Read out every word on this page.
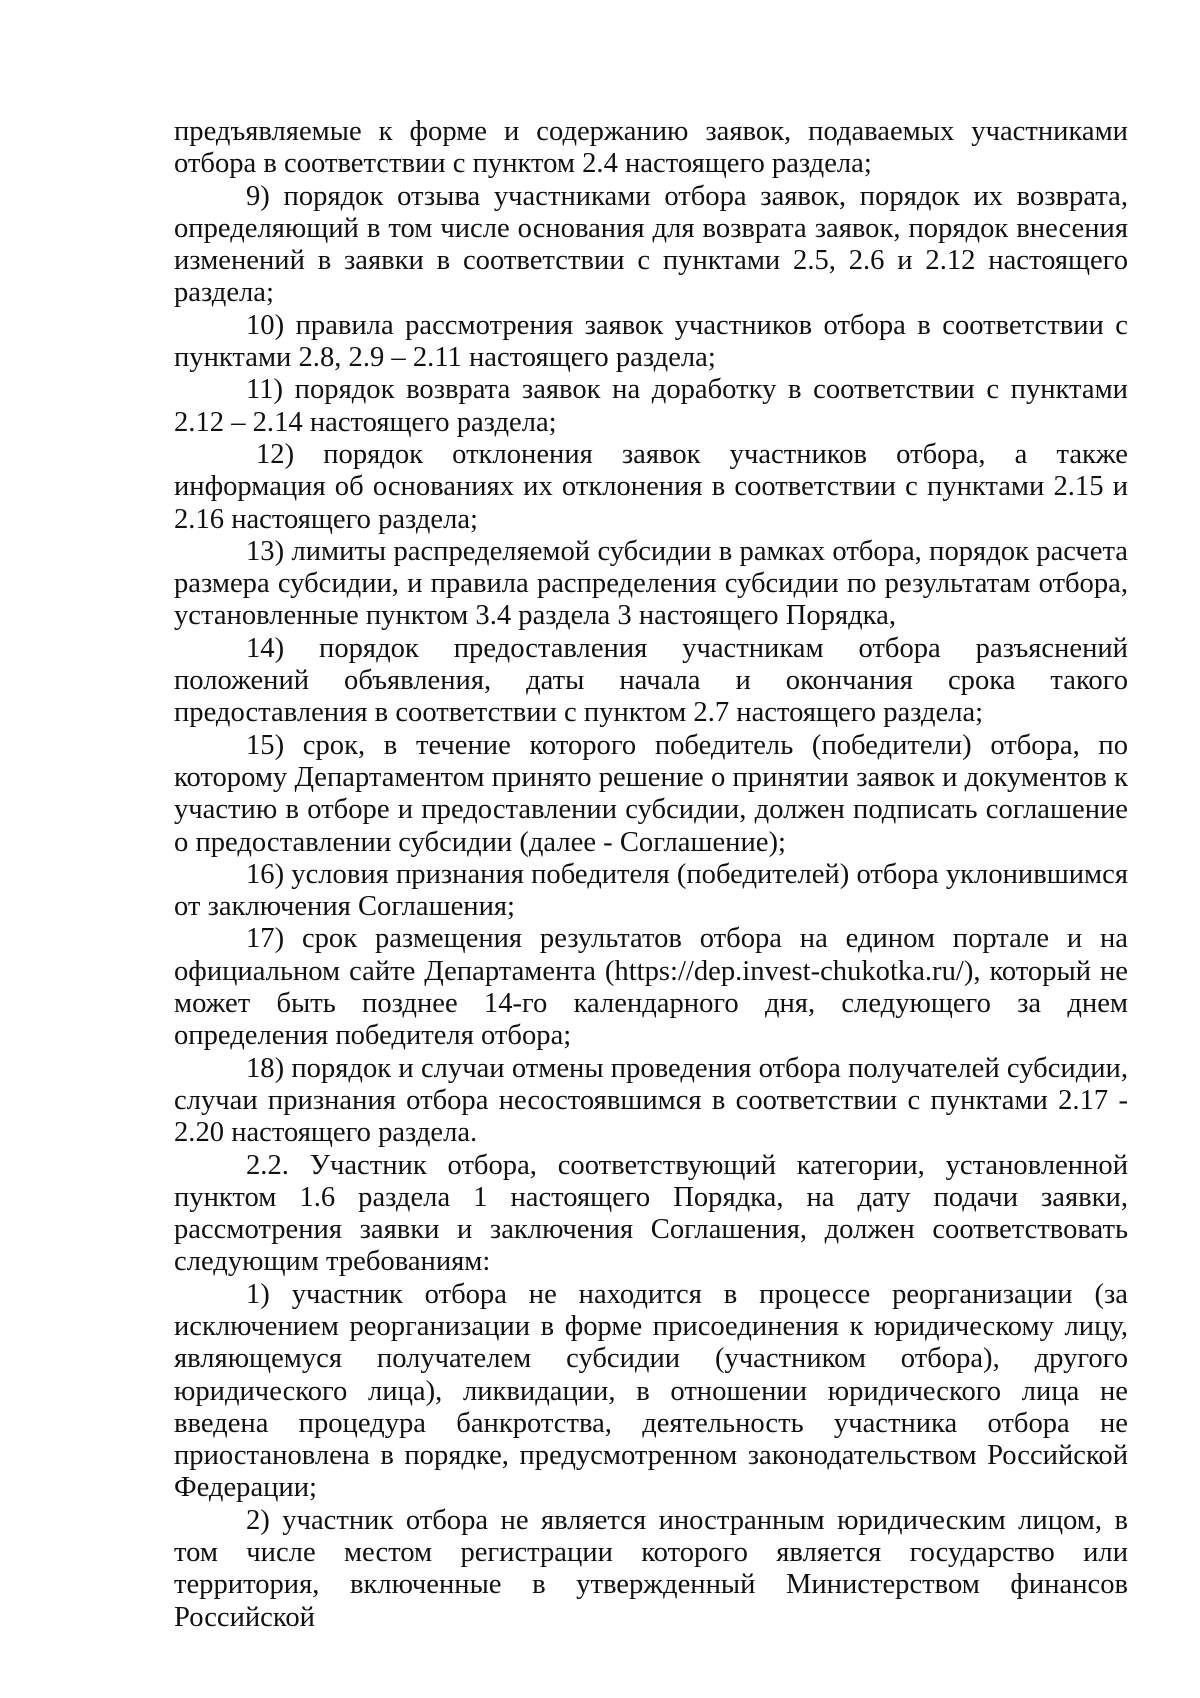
предъявляемые к форме и содержанию заявок, подаваемых участниками отбора в соответствии с пунктом 2.4 настоящего раздела;

9) порядок отзыва участниками отбора заявок, порядок их возврата, определяющий в том числе основания для возврата заявок, порядок внесения изменений в заявки в соответствии с пунктами 2.5, 2.6 и 2.12 настоящего раздела;

10) правила рассмотрения заявок участников отбора в соответствии с пунктами 2.8, 2.9 – 2.11 настоящего раздела;

11) порядок возврата заявок на доработку в соответствии с пунктами 2.12 – 2.14 настоящего раздела;

12) порядок отклонения заявок участников отбора, а также информация об основаниях их отклонения в соответствии с пунктами 2.15 и 2.16 настоящего раздела;

13) лимиты распределяемой субсидии в рамках отбора, порядок расчета размера субсидии, и правила распределения субсидии по результатам отбора, установленные пунктом 3.4 раздела 3 настоящего Порядка,

14) порядок предоставления участникам отбора разъяснений положений объявления, даты начала и окончания срока такого предоставления в соответствии с пунктом 2.7 настоящего раздела;

15) срок, в течение которого победитель (победители) отбора, по которому Департаментом принято решение о принятии заявок и документов к участию в отборе и предоставлении субсидии, должен подписать соглашение о предоставлении субсидии (далее - Соглашение);

16) условия признания победителя (победителей) отбора уклонившимся от заключения Соглашения;

17) срок размещения результатов отбора на едином портале и на официальном сайте Департамента (https://dep.invest-chukotka.ru/), который не может быть позднее 14-го календарного дня, следующего за днем определения победителя отбора;

18) порядок и случаи отмены проведения отбора получателей субсидии, случаи признания отбора несостоявшимся в соответствии с пунктами 2.17 - 2.20 настоящего раздела.

2.2. Участник отбора, соответствующий категории, установленной пунктом 1.6 раздела 1 настоящего Порядка, на дату подачи заявки, рассмотрения заявки и заключения Соглашения, должен соответствовать следующим требованиям:

1) участник отбора не находится в процессе реорганизации (за исключением реорганизации в форме присоединения к юридическому лицу, являющемуся получателем субсидии (участником отбора), другого юридического лица), ликвидации, в отношении юридического лица не введена процедура банкротства, деятельность участника отбора не приостановлена в порядке, предусмотренном законодательством Российской Федерации;

2) участник отбора не является иностранным юридическим лицом, в том числе местом регистрации которого является государство или территория, включенные в утвержденный Министерством финансов Российской
